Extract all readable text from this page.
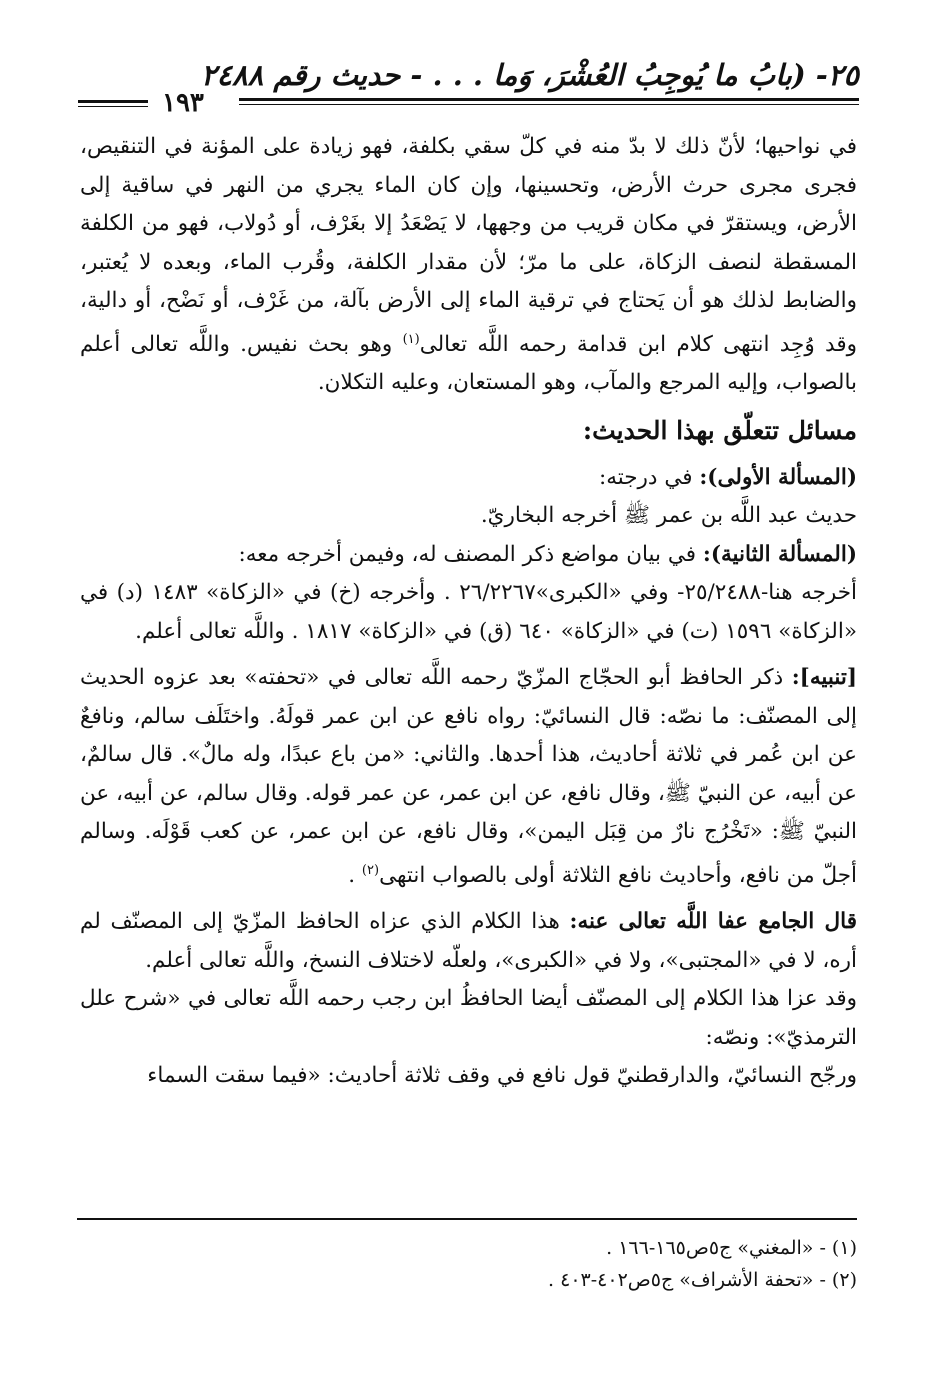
٢٥- (بابُ ما يُوجِبُ العُشْرَ، وَما . . . - حديث رقم ٢٤٨٨
١٩٣

في نواحيها؛ لأنّ ذلك لا بدّ منه في كلّ سقي بكلفة، فهو زيادة على المؤنة في التنقيص، فجرى مجرى حرث الأرض، وتحسينها، وإن كان الماء يجري من النهر في ساقية إلى الأرض، ويستقرّ في مكان قريب من وجهها، لا يَصْعَدُ إلا بغَرْف، أو دُولاب، فهو من الكلفة المسقطة لنصف الزكاة، على ما مرّ؛ لأن مقدار الكلفة، وقُرب الماء، وبعده لا يُعتبر، والضابط لذلك هو أن يَحتاج في ترقية الماء إلى الأرض بآلة، من غَرْف، أو نَضْح، أو دالية، وقد وُجِد انتهى كلام ابن قدامة رحمه اللَّه تعالى$^{(١)}$ وهو بحث نفيس. واللَّه تعالى أعلم بالصواب، وإليه المرجع والمآب، وهو المستعان، وعليه التكلان.

مسائل تتعلّق بهذا الحديث:

(المسألة الأولى): في درجته:

حديث عبد اللَّه بن عمر ﷺ أخرجه البخاريّ.

(المسألة الثانية): في بيان مواضع ذكر المصنف له، وفيمن أخرجه معه:

أخرجه هنا-٢٥/٢٤٨٨- وفي «الكبرى»٢٦/٢٢٦٧ . وأخرجه (خ) في «الزكاة» ١٤٨٣ (د) في «الزكاة» ١٥٩٦ (ت) في «الزكاة» ٦٤٠ (ق) في «الزكاة» ١٨١٧ . واللَّه تعالى أعلم.

[تنبيه]: ذكر الحافظ أبو الحجّاج المزّيّ رحمه اللَّه تعالى في «تحفته» بعد عزوه الحديث إلى المصنّف: ما نصّه: قال النسائيّ: رواه نافع عن ابن عمر قولَهُ. واختَلَف سالم، ونافعٌ عن ابن عُمر في ثلاثة أحاديث، هذا أحدها. والثاني: «من باع عبدًا، وله مالٌ». قال سالمٌ، عن أبيه، عن النبيّ ﷺ، وقال نافع، عن ابن عمر، عن عمر قوله. وقال سالم، عن أبيه، عن النبيّ ﷺ: «تَخْرُج نارٌ من قِبَل اليمن»، وقال نافع، عن ابن عمر، عن كعب قَوْلَه. وسالم أجلّ من نافع، وأحاديث نافع الثلاثة أولى بالصواب انتهى$^{(٢)}$ .

قال الجامع عفا اللَّه تعالى عنه: هذا الكلام الذي عزاه الحافظ المزّيّ إلى المصنّف لم أره، لا في «المجتبى»، ولا في «الكبرى»، ولعلّه لاختلاف النسخ، واللَّه تعالى أعلم.

وقد عزا هذا الكلام إلى المصنّف أيضا الحافظُ ابن رجب رحمه اللَّه تعالى في «شرح علل الترمذيّ»: ونصّه:

ورجّح النسائيّ، والدارقطنيّ قول نافع في وقف ثلاثة أحاديث: «فيما سقت السماء

(١) - «المغني» ج٥ص١٦٥-١٦٦ .

(٢) - «تحفة الأشراف» ج٥ص٤٠٢-٤٠٣ .
